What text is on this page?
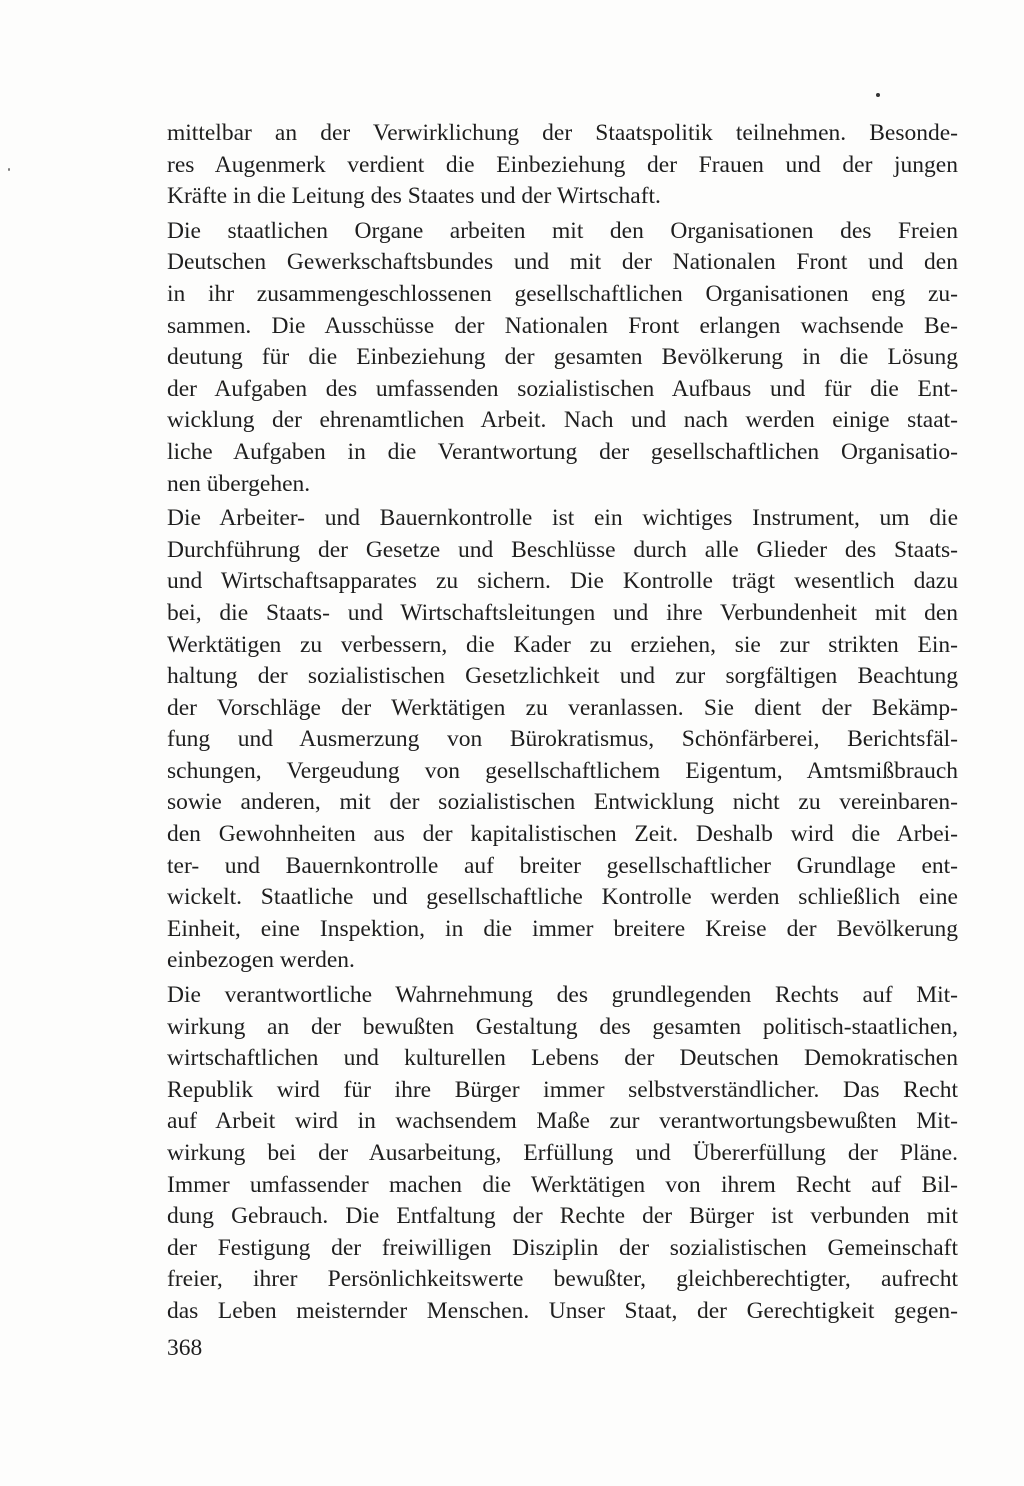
mittelbar an der Verwirklichung der Staatspolitik teilnehmen. Besonde-
res Augenmerk verdient die Einbeziehung der Frauen und der jungen
Kräfte in die Leitung des Staates und der Wirtschaft.
Die staatlichen Organe arbeiten mit den Organisationen des Freien
Deutschen Gewerkschaftsbundes und mit der Nationalen Front und den
in ihr zusammengeschlossenen gesellschaftlichen Organisationen eng zu-
sammen. Die Ausschüsse der Nationalen Front erlangen wachsende Be-
deutung für die Einbeziehung der gesamten Bevölkerung in die Lösung
der Aufgaben des umfassenden sozialistischen Aufbaus und für die Ent-
wicklung der ehrenamtlichen Arbeit. Nach und nach werden einige staat-
liche Aufgaben in die Verantwortung der gesellschaftlichen Organisatio-
nen übergehen.
Die Arbeiter- und Bauernkontrolle ist ein wichtiges Instrument, um die
Durchführung der Gesetze und Beschlüsse durch alle Glieder des Staats-
und Wirtschaftsapparates zu sichern. Die Kontrolle trägt wesentlich dazu
bei, die Staats- und Wirtschaftsleitungen und ihre Verbundenheit mit den
Werktätigen zu verbessern, die Kader zu erziehen, sie zur strikten Ein-
haltung der sozialistischen Gesetzlichkeit und zur sorgfältigen Beachtung
der Vorschläge der Werktätigen zu veranlassen. Sie dient der Bekämp-
fung und Ausmerzung von Bürokratismus, Schönfärberei, Berichtsfäl-
schungen, Vergeudung von gesellschaftlichem Eigentum, Amtsmißbrauch
sowie anderen, mit der sozialistischen Entwicklung nicht zu vereinbaren-
den Gewohnheiten aus der kapitalistischen Zeit. Deshalb wird die Arbei-
ter- und Bauernkontrolle auf breiter gesellschaftlicher Grundlage ent-
wickelt. Staatliche und gesellschaftliche Kontrolle werden schließlich eine
Einheit, eine Inspektion, in die immer breitere Kreise der Bevölkerung
einbezogen werden.
Die verantwortliche Wahrnehmung des grundlegenden Rechts auf Mit-
wirkung an der bewußten Gestaltung des gesamten politisch-staatlichen,
wirtschaftlichen und kulturellen Lebens der Deutschen Demokratischen
Republik wird für ihre Bürger immer selbstverständlicher. Das Recht
auf Arbeit wird in wachsendem Maße zur verantwortungsbewußten Mit-
wirkung bei der Ausarbeitung, Erfüllung und Übererfüllung der Pläne.
Immer umfassender machen die Werktätigen von ihrem Recht auf Bil-
dung Gebrauch. Die Entfaltung der Rechte der Bürger ist verbunden mit
der Festigung der freiwilligen Disziplin der sozialistischen Gemeinschaft
freier, ihrer Persönlichkeitswerte bewußter, gleichberechtigter, aufrecht
das Leben meisternder Menschen. Unser Staat, der Gerechtigkeit gegen-
368
